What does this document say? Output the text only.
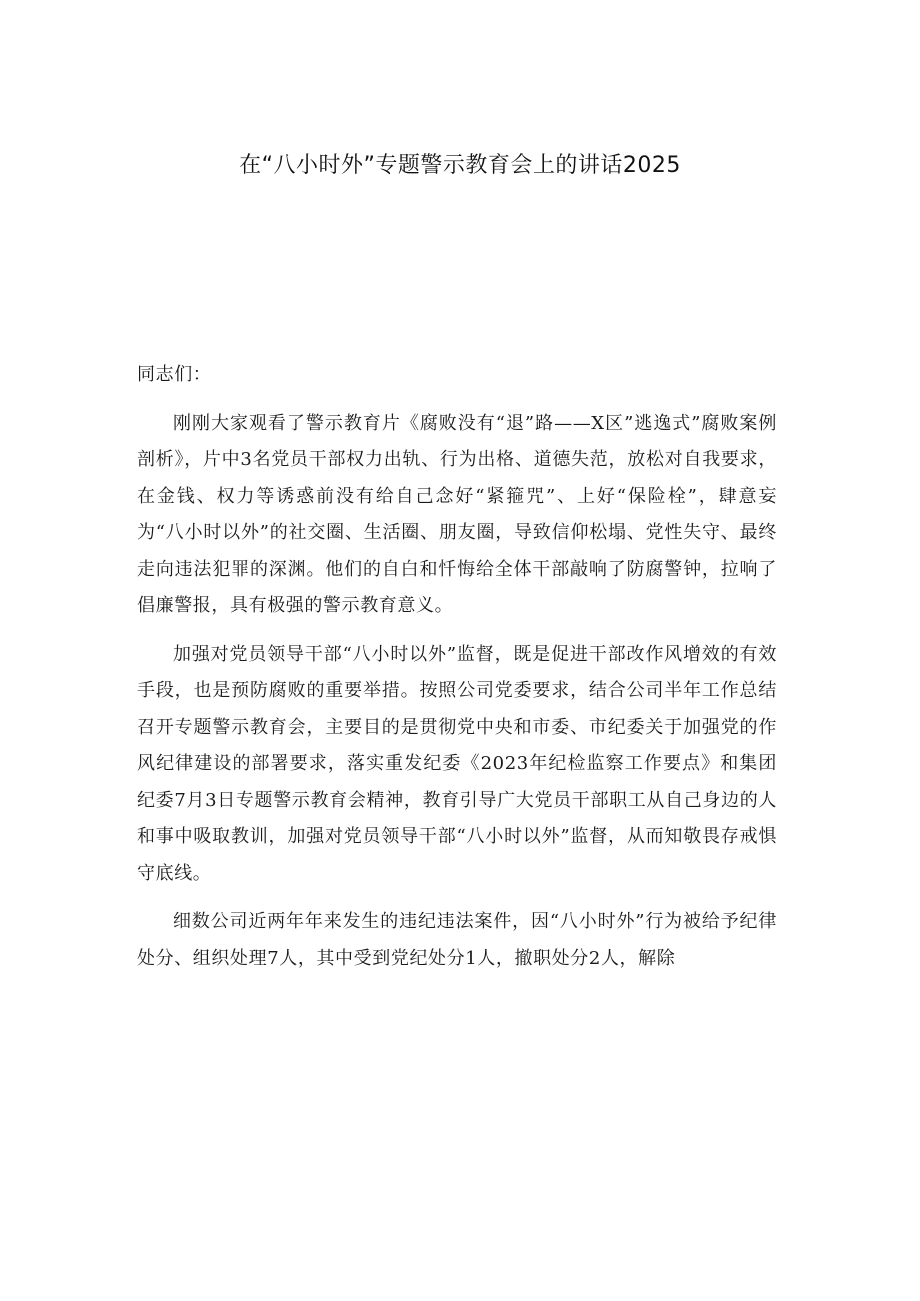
在“八小时外”专题警示教育会上的讲话2025

同志们：

刚刚大家观看了警示教育片《腐败没有“退”路——X区”逃逸式”腐败案例剖析》，片中3名党员干部权力出轨、行为出格、道德失范，放松对自我要求，在金钱、权力等诱惑前没有给自己念好“紧箍咒”、上好“保险栓”，肆意妄为“八小时以外”的社交圈、生活圈、朋友圈，导致信仰松塌、党性失守、最终走向违法犯罪的深渊。他们的自白和忏悔给全体干部敲响了防腐警钟，拉响了倡廉警报，具有极强的警示教育意义。

加强对党员领导干部“八小时以外”监督，既是促进干部改作风增效的有效手段，也是预防腐败的重要举措。按照公司党委要求，结合公司半年工作总结召开专题警示教育会，主要目的是贯彻党中央和市委、市纪委关于加强党的作风纪律建设的部署要求，落实重发纪委《2023年纪检监察工作要点》和集团纪委7月3日专题警示教育会精神，教育引导广大党员干部职工从自己身边的人和事中吸取教训，加强对党员领导干部“八小时以外”监督，从而知敬畏存戒惧守底线。

细数公司近两年年来发生的违纪违法案件，因“八小时外”行为被给予纪律处分、组织处理7人，其中受到党纪处分1人，撤职处分2人，解除
